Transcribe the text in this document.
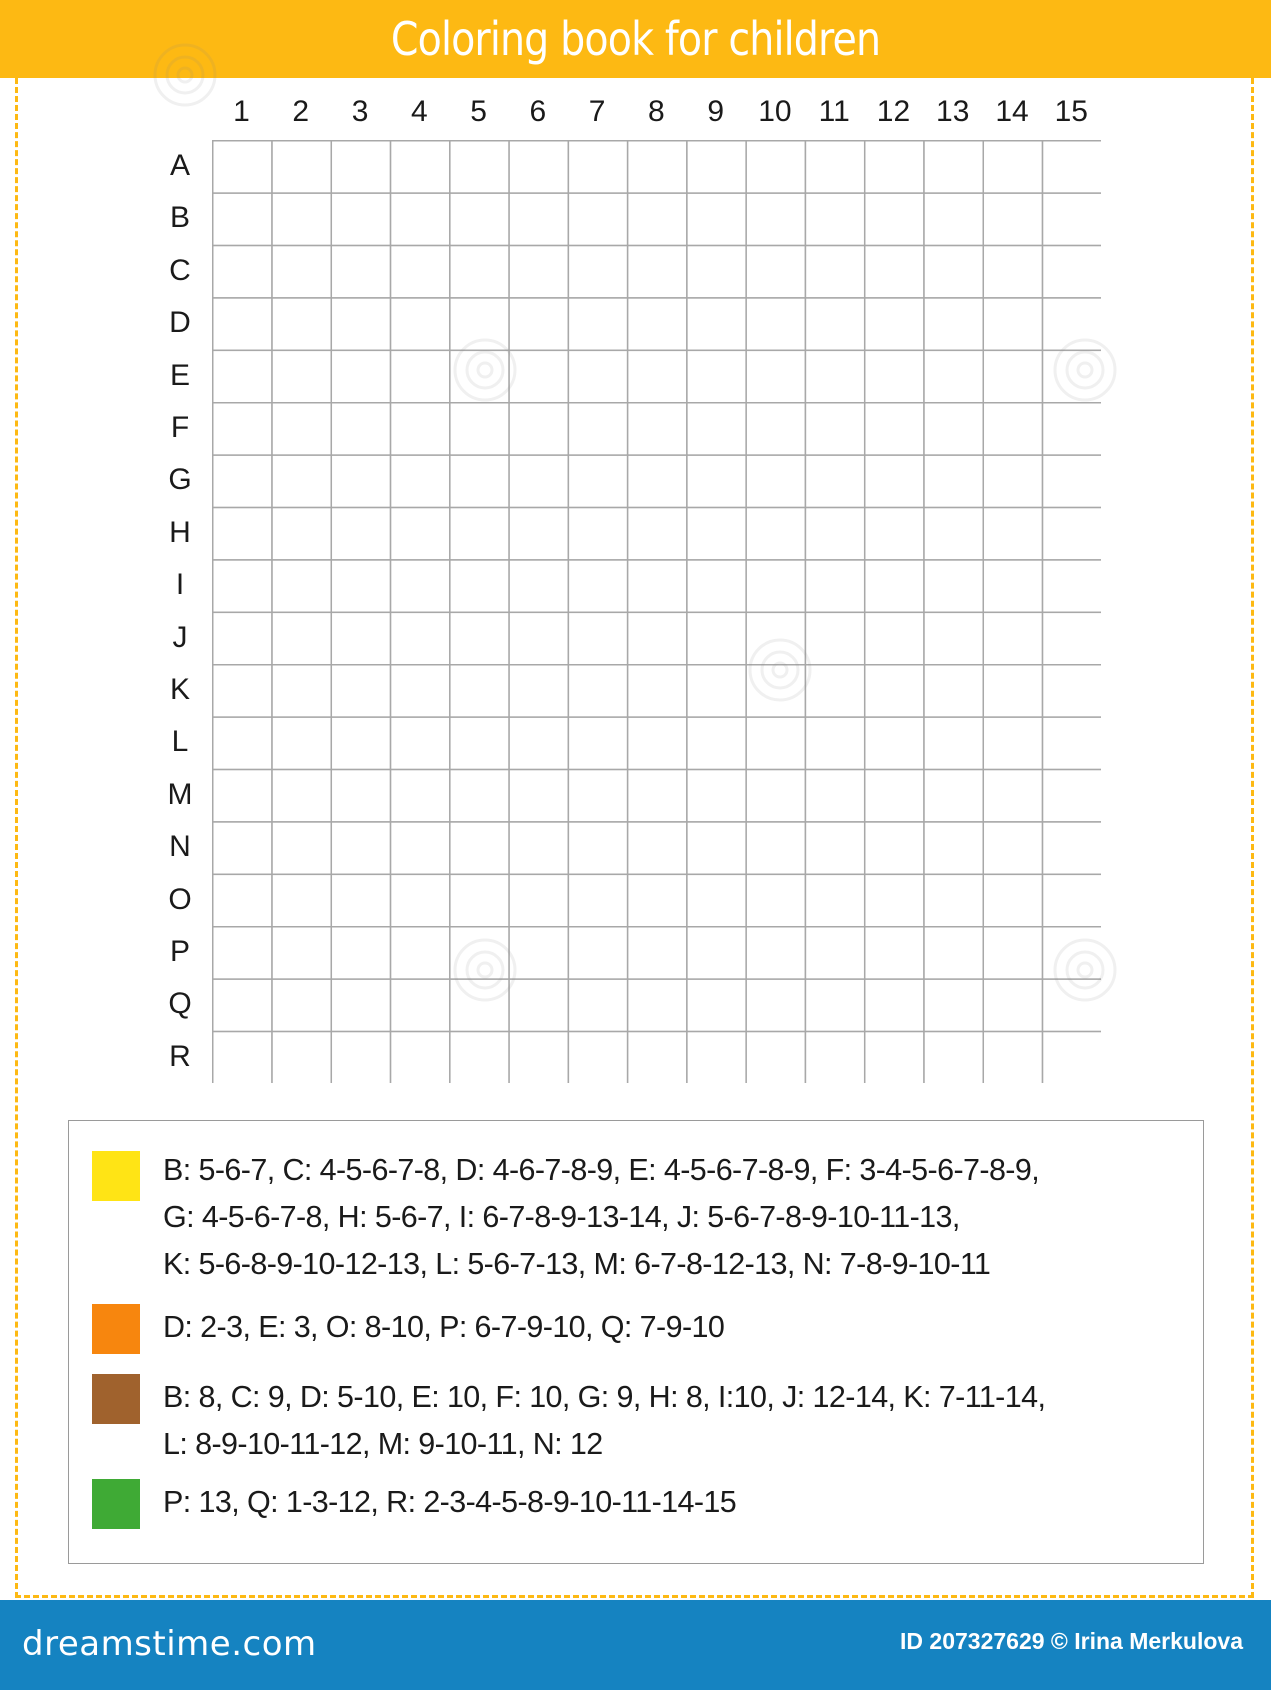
Coloring book for children
1	2	3	4	5	6	7	8	9	10 11 12 13 14 15
A
B
C
D
E
F
G
H
I
J
K
L
M
N
O
P
Q
R
B: 5-6-7, C: 4-5-6-7-8, D: 4-6-7-8-9, E: 4-5-6-7-8-9, F: 3-4-5-6-7-8-9,
G: 4-5-6-7-8, H: 5-6-7, I: 6-7-8-9-13-14, J: 5-6-7-8-9-10-11-13,
K: 5-6-8-9-10-12-13, L: 5-6-7-13, M: 6-7-8-12-13, N: 7-8-9-10-11
D: 2-3, E: 3, O: 8-10, P: 6-7-9-10, Q: 7-9-10
B: 8, C: 9, D: 5-10, E: 10, F: 10, G: 9, H: 8, I:10, J: 12-14, K: 7-11-14,
L: 8-9-10-11-12, M: 9-10-11, N: 12
P: 13, Q: 1-3-12, R: 2-3-4-5-8-9-10-11-14-15
dreamstime.com	ID 207327629 © Irina Merkulova
